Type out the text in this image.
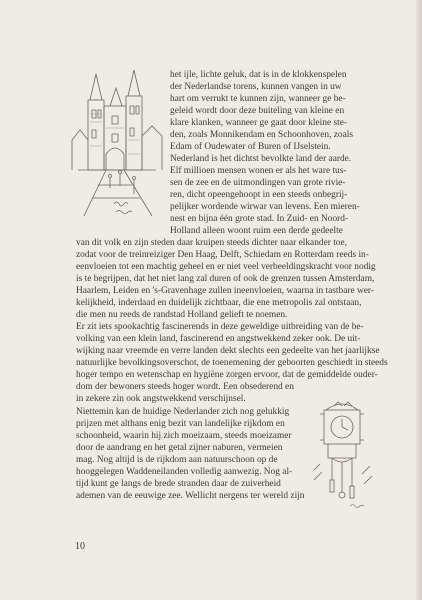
het ijle, lichte geluk, dat is in de klokkenspelen
der Nederlandse torens, kunnen vangen in uw
hart om verrukt te kunnen zijn, wanneer ge be-
geleid wordt door deze buiteling van kleine en
klare klanken, wanneer ge gaat door kleine ste-
den, zoals Monnikendam en Schoonhoven, zoals
Edam of Oudewater of Buren of IJselstein.
Nederland is het dichtst bevolkte land der aarde.
Elf millioen mensen wonen er als het ware tus-
sen de zee en de uitmondingen van grote rivie-
ren, dicht opeengehoopt in een steeds onbegrij-
pelijker wordende wirwar van levens. Een mieren-
nest en bijna één grote stad. In Zuid- en Noord-
Holland alleen woont ruim een derde gedeelte
van dit volk en zijn steden daar kruipen steeds dichter naar elkander toe,
zodat voor de treinreiziger Den Haag, Delft, Schiedam en Rotterdam reeds in-
eenvloeien tot een machtig geheel en er niet veel verbeeldingskracht voor nodig
is te begrijpen, dat het niet lang zal duren of ook de grenzen tussen Amsterdam,
Haarlem, Leiden en 's-Gravenhage zullen ineenvloeien, waarna in tastbare wer-
kelijkheid, inderdaad en duidelijk zichtbaar, die ene metropolis zal ontstaan,
die men nu reeds de randstad Holland gelieft te noemen.
Er zit iets spookachtig fascinerends in deze geweldige uitbreiding van de be-
volking van een klein land, fascinerend en angstwekkend zeker ook. De uit-
wijking naar vreemde en verre landen dekt slechts een gedeelte van het jaarlijkse
natuurlijke bevolkingsoverschot, de toenemening der geboorten geschiedt in steeds
hoger tempo en wetenschap en hygiëne zorgen ervoor, dat de gemiddelde ouder-
dom der bewoners steeds hoger wordt. Een obsederend en
in zekere zin ook angstwekkend verschijnsel.
Niettemin kan de huidige Nederlander zich nog gelukkig
prijzen met althans enig bezit van landelijke rijkdom en
schoonheid, waarin hij zich moeizaam, steeds moeizamer
door de aandrang en het getal zijner naburen, vermeien
mag. Nog altijd is de rijkdom aan natuurschoon op de
hooggelegen Waddeneilanden volledig aanwezig. Nog al-
tijd kunt ge langs de brede stranden daar de zuiverheid
ademen van de eeuwige zee. Wellicht nergens ter wereld zijn
10
